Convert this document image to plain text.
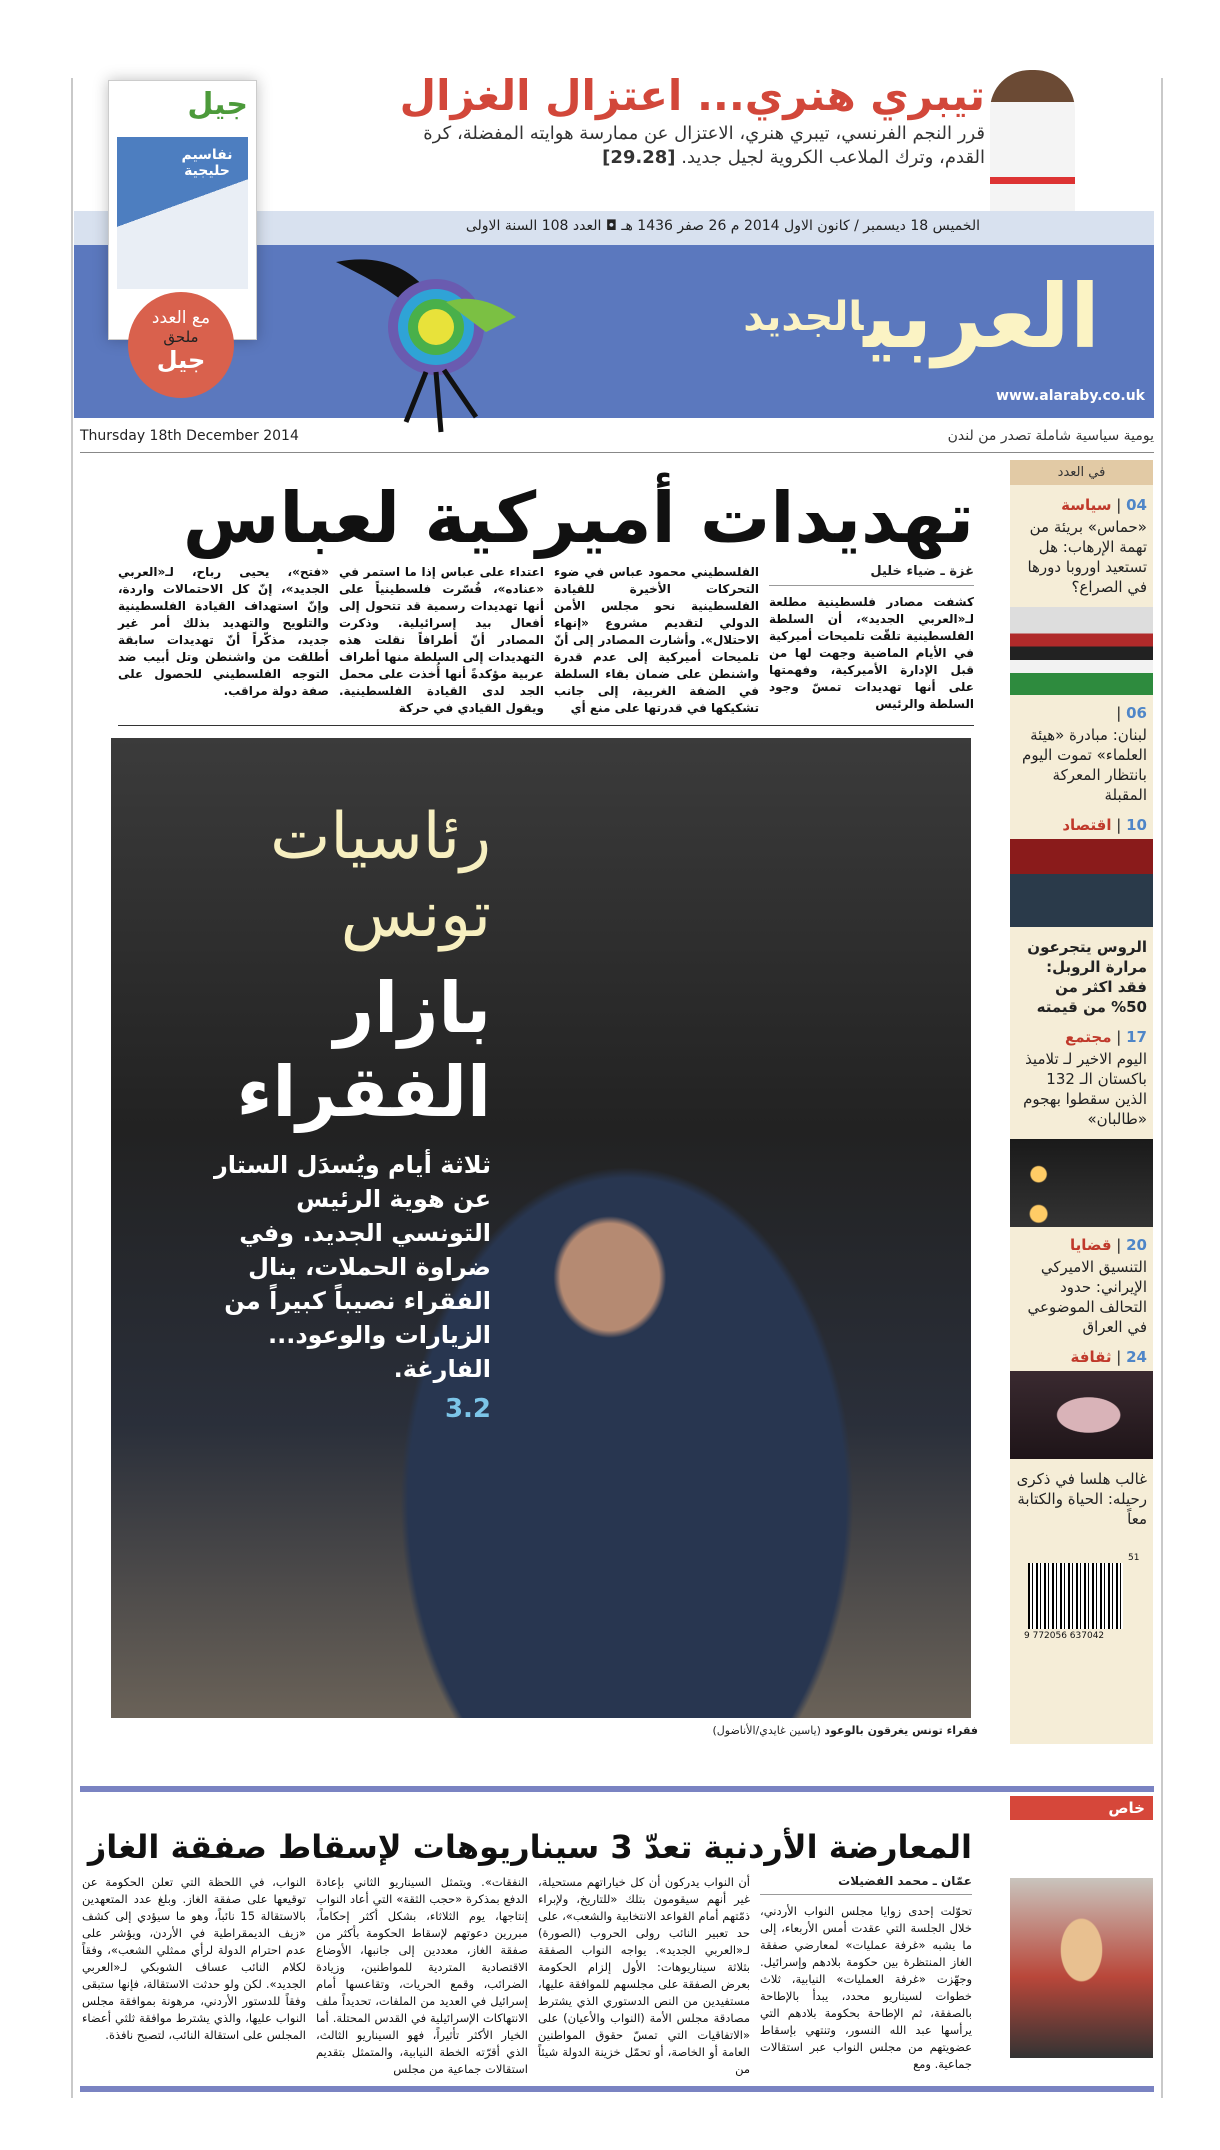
تيبري هنري... اعتزال الغزال
قرر النجم الفرنسي، تيبري هنري، الاعتزال عن ممارسة هوايته المفضلة، كرة القدم، وترك الملاعب الكروية لجيل جديد. [29.28]
الخميس 18 ديسمبر / كانون الاول 2014 م 26 صفر 1436 هـ ◘ العدد 108 السنة الاولى
العربي$^{الجديد}$
www.alaraby.co.uk
جيل
نفاسيم حليجية
مع العدد
ملحق
جيل
Thursday 18th December 2014	يومية سياسية شاملة تصدر من لندن
في العدد
04 | سياسة
«حماس» بريئة من تهمة الإرهاب: هل تستعيد اوروبا دورها في الصراع؟
06 |
لبنان: مبادرة «هيئة العلماء» تموت اليوم بانتظار المعركة المقبلة
10 | اقتصاد
الروس يتجرعون مرارة الروبل: فقد اكثر من 50% من قيمته
17 | مجتمع
اليوم الاخير لـ تلاميذ باكستان الـ 132 الذين سقطوا بهجوم «طالبان»
20 | قضايا
التنسيق الاميركي الإيراني: حدود التحالف الموضوعي في العراق
24 | ثقافة
غالب هلسا في ذكرى رحيله: الحياة والكتابة معاً
9 772056 637042
51
تهديدات أميركية لعباس
غزة ـ ضياء خليل
كشفت مصادر فلسطينية مطلعة لـ«العربي الجديد»، أن السلطة الفلسطينية تلقّت تلميحات أميركية في الأيام الماضية وجهت لها من قبل الإدارة الأميركية، وفهمتها على أنها تهديدات تمسّ وجود السلطة والرئيس
الفلسطيني محمود عباس في ضوء التحركات الأخيرة للقيادة الفلسطينية نحو مجلس الأمن الدولي لتقديم مشروع «إنهاء الاحتلال». وأشارت المصادر إلى أنّ تلميحات أميركية إلى عدم قدرة واشنطن على ضمان بقاء السلطة في الضفة الغربية، إلى جانب تشكيكها في قدرتها على منع أي
اعتداء على عباس إذا ما استمر في «عناده»، فُسّرت فلسطينياً على أنها تهديدات رسمية قد تتحول إلى أفعال بيد إسرائيلية. وذكرت المصادر أنّ أطرافاً نقلت هذه التهديدات إلى السلطة منها أطراف عربية مؤكدةً أنها أُخذت على محمل الجد لدى القيادة الفلسطينية. ويقول القيادي في حركة
«فتح»، يحيى رباح، لـ«العربي الجديد»، إنّ كل الاحتمالات واردة، وإنّ استهداف القيادة الفلسطينية والتلويح والتهديد بذلك أمر غير جديد، مذكّراً أنّ تهديدات سابقة أطلقت من واشنطن وتل أبيب ضد التوجه الفلسطيني للحصول على صفة دولة مراقب.
رئاسيات تونس
بازار الفقراء
ثلاثة أيام ويُسدَل الستار عن هوية الرئيس التونسي الجديد. وفي ضراوة الحملات، ينال الفقراء نصيباً كبيراً من الزيارات والوعود... الفارغة.
3.2
فقراء تونس يغرقون بالوعود (ياسين غايدي/الأناضول)
خاص
المعارضة الأردنية تعدّ 3 سيناريوهات لإسقاط صفقة الغاز
عمّان ـ محمد الفضيلات
تحوّلت إحدى زوايا مجلس النواب الأردني، خلال الجلسة التي عقدت أمس الأربعاء، إلى ما يشبه «غرفة عمليات» لمعارضي صفقة الغاز المنتظرة بين حكومة بلادهم وإسرائيل. وجهّزت «غرفة العمليات» النيابية، ثلاث خطوات لسيناريو محدد، يبدأ بالإطاحة بالصفقة، ثم الإطاحة بحكومة بلادهم التي يرأسها عبد الله النسور، وتنتهي بإسقاط عضويتهم من مجلس النواب عبر استقالات جماعية. ومع
أن النواب يدركون أن كل خياراتهم مستحيلة، غير أنهم سيقومون بتلك «للتاريخ، ولإبراء ذمّتهم أمام القواعد الانتخابية والشعب»، على حد تعبير النائب رولى الحروب (الصورة) لـ«العربي الجديد». يواجه النواب الصفقة بثلاثة سيناريوهات: الأول إلزام الحكومة بعرض الصفقة على مجلسهم للموافقة عليها، مستفيدين من النص الدستوري الذي يشترط مصادقة مجلس الأمة (النواب والأعيان) على «الاتفاقيات التي تمسّ حقوق المواطنين العامة أو الخاصة، أو تحمّل خزينة الدولة شيئاً من
النفقات». ويتمثل السيناريو الثاني بإعادة الدفع بمذكرة «حجب الثقة» التي أعاد النواب إنتاجها، يوم الثلاثاء، بشكل أكثر إحكاماً، مبررين دعوتهم لإسقاط الحكومة بأكثر من صفقة الغاز، معددين إلى جانبها، الأوضاع الاقتصادية المتردية للمواطنين، وزيادة الضرائب، وقمع الحريات، وتقاعسها أمام إسرائيل في العديد من الملفات، تحديداً ملف الانتهاكات الإسرائيلية في القدس المحتلة. أما الخيار الأكثر تأثيراً، فهو السيناريو الثالث، الذي أقرّته الخطة النيابية، والمتمثل بتقديم استقالات جماعية من مجلس
النواب، في اللحظة التي تعلن الحكومة عن توقيعها على صفقة الغاز. وبلغ عدد المتعهدين بالاستقالة 15 نائباً، وهو ما سيؤدي إلى كشف «زيف الديمقراطية في الأردن، ويؤشر على عدم احترام الدولة لرأي ممثلي الشعب»، وفقاً لكلام النائب عساف الشوبكي لـ«العربي الجديد». لكن ولو حدثت الاستقالة، فإنها ستبقى وفقاً للدستور الأردني، مرهونة بموافقة مجلس النواب عليها، والذي يشترط موافقة ثلثي أعضاء المجلس على استقالة النائب، لتصبح نافذة.
